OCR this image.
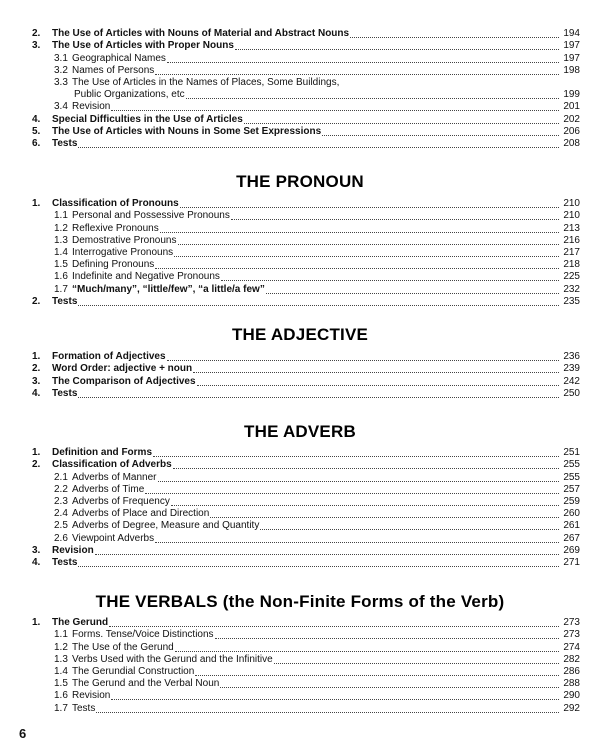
2.	The Use of Articles with Nouns of Material and Abstract Nouns	194
3.	The Use of Articles with Proper Nouns	197
3.1 Geographical Names	197
3.2 Names of Persons	198
3.3 The Use of Articles in the Names of Places, Some Buildings,
Public Organizations, etc	199
3.4 Revision	201
4.	Special Difficulties in the Use of Articles	202
5.	The Use of Articles with Nouns in Some Set Expressions	206
6.	Tests	208
THE PRONOUN
1.	Classification of Pronouns	210
1.1 Personal and Possessive Pronouns	210
1.2 Reflexive Pronouns	213
1.3 Demostrative Pronouns	216
1.4 Interrogative Pronouns	217
1.5 Defining Pronouns	218
1.6 Indefinite and Negative Pronouns	225
1.7 “Much/many”, “little/few”, “a little/a few”	232
2.	Tests	235
THE ADJECTIVE
1.	Formation of Adjectives	236
2.	Word Order: adjective + noun	239
3.	The Comparison of Adjectives	242
4.	Tests	250
THE ADVERB
1.	Definition and Forms	251
2.	Classification of Adverbs	255
2.1 Adverbs of Manner	255
2.2 Adverbs of Time	257
2.3 Adverbs of Frequency	259
2.4 Adverbs of Place and Direction	260
2.5 Adverbs of Degree, Measure and Quantity	261
2.6 Viewpoint Adverbs	267
3.	Revision	269
4.	Tests	271
THE VERBALS (the Non-Finite Forms of the Verb)
1.	The Gerund	273
1.1 Forms. Tense/Voice Distinctions	273
1.2 The Use of the Gerund	274
1.3 Verbs Used with the Gerund and the Infinitive	282
1.4 The Gerundial Construction	286
1.5 The Gerund and the Verbal Noun	288
1.6 Revision	290
1.7 Tests	292
6
